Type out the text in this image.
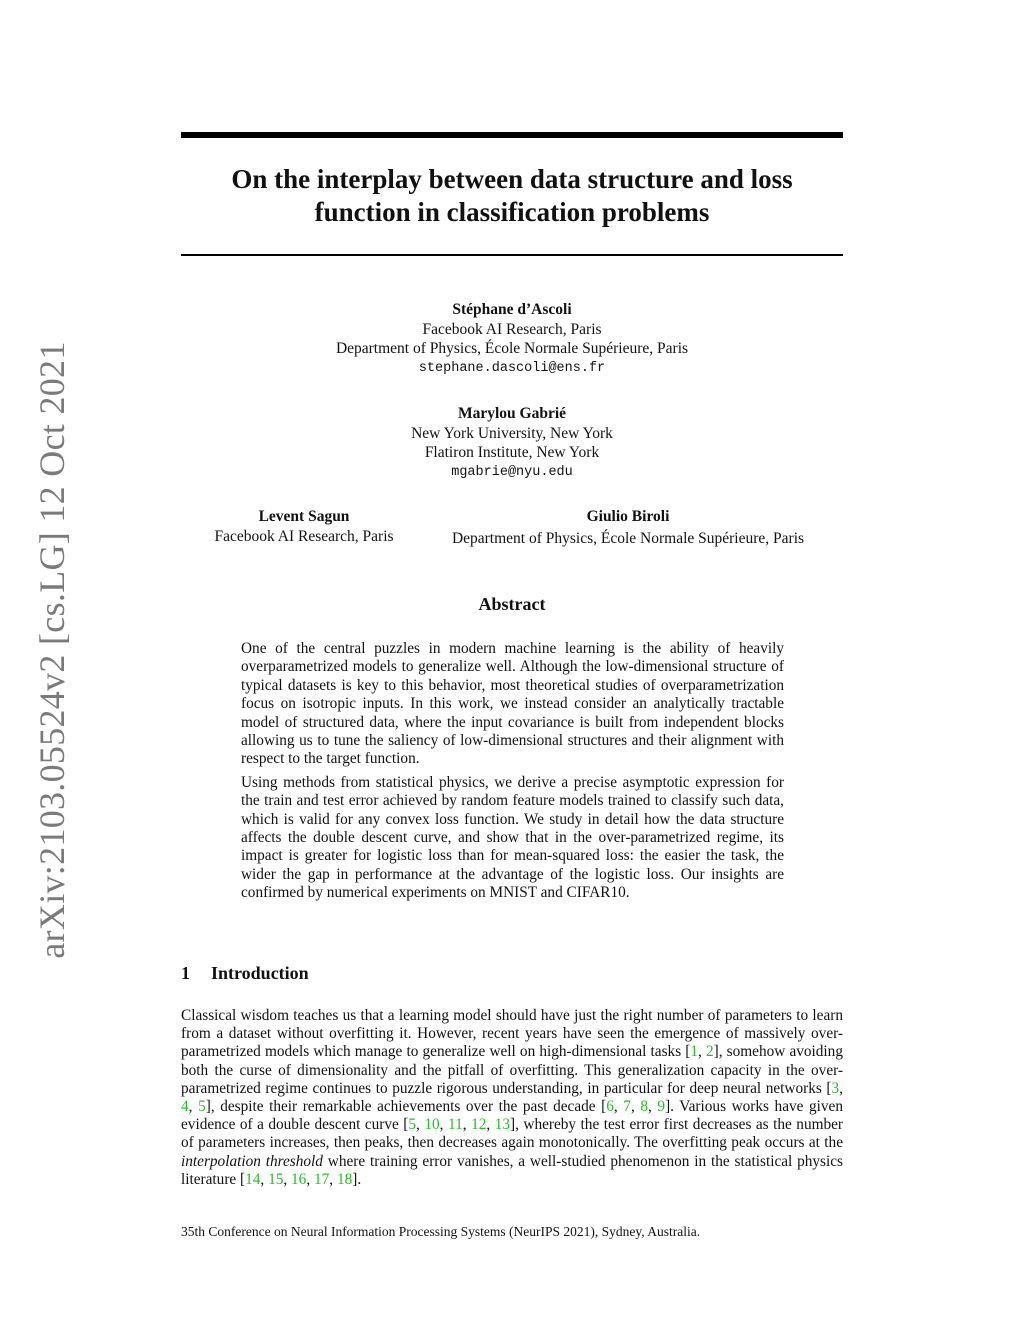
arXiv:2103.05524v2 [cs.LG] 12 Oct 2021
On the interplay between data structure and loss
function in classification problems
Stéphane d’Ascoli
Facebook AI Research, Paris
Department of Physics, École Normale Supérieure, Paris
stephane.dascoli@ens.fr
Marylou Gabrié
New York University, New York
Flatiron Institute, New York
mgabrie@nyu.edu
Levent Sagun
Facebook AI Research, Paris
Giulio Biroli
Department of Physics, École Normale Supérieure, Paris
Abstract

One of the central puzzles in modern machine learning is the ability of heavily overparametrized models to generalize well. Although the low-dimensional structure of typical datasets is key to this behavior, most theoretical studies of overparametrization focus on isotropic inputs. In this work, we instead consider an analytically tractable model of structured data, where the input covariance is built from independent blocks allowing us to tune the saliency of low-dimensional structures and their alignment with respect to the target function.

Using methods from statistical physics, we derive a precise asymptotic expression for the train and test error achieved by random feature models trained to classify such data, which is valid for any convex loss function. We study in detail how the data structure affects the double descent curve, and show that in the over-parametrized regime, its impact is greater for logistic loss than for mean-squared loss: the easier the task, the wider the gap in performance at the advantage of the logistic loss. Our insights are confirmed by numerical experiments on MNIST and CIFAR10.

1 Introduction

Classical wisdom teaches us that a learning model should have just the right number of parameters to learn from a dataset without overfitting it. However, recent years have seen the emergence of massively over-parametrized models which manage to generalize well on high-dimensional tasks [1, 2], somehow avoiding both the curse of dimensionality and the pitfall of overfitting. This generalization capacity in the over-parametrized regime continues to puzzle rigorous understanding, in particular for deep neural networks [3, 4, 5], despite their remarkable achievements over the past decade [6, 7, 8, 9]. Various works have given evidence of a double descent curve [5, 10, 11, 12, 13], whereby the test error first decreases as the number of parameters increases, then peaks, then decreases again monotonically. The overfitting peak occurs at the interpolation threshold where training error vanishes, a well-studied phenomenon in the statistical physics literature [14, 15, 16, 17, 18].

35th Conference on Neural Information Processing Systems (NeurIPS 2021), Sydney, Australia.
